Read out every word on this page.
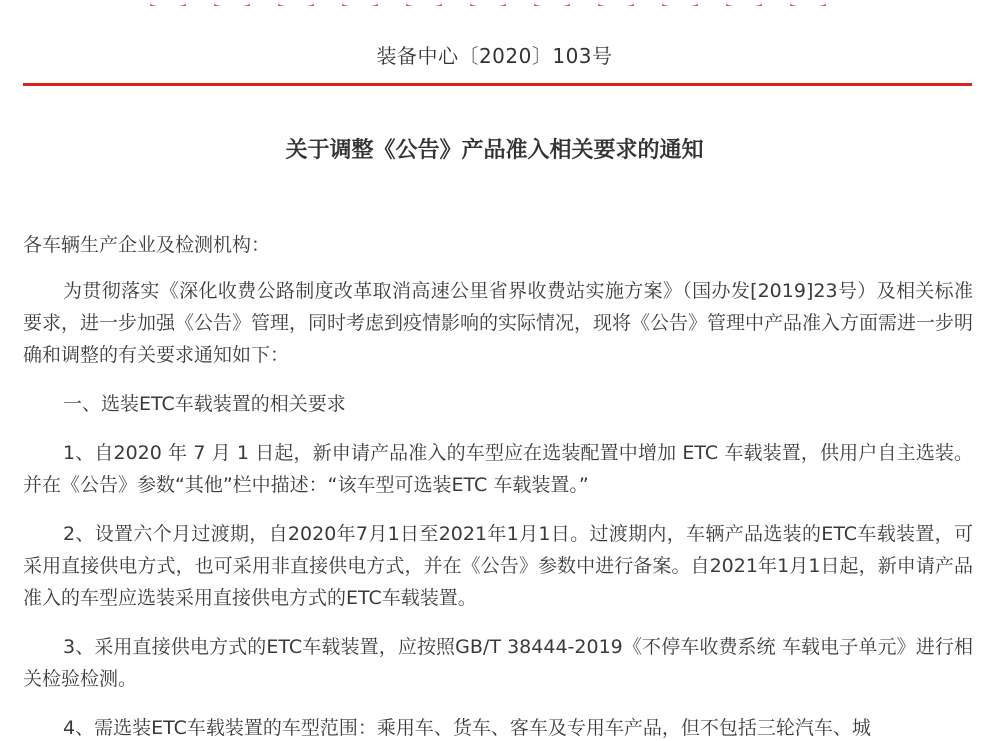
装备中心〔2020〕103号
关于调整《公告》产品准入相关要求的通知

各车辆生产企业及检测机构：

为贯彻落实《深化收费公路制度改革取消高速公里省界收费站实施方案》（国办发[2019]23号）及相关标准要求，进一步加强《公告》管理，同时考虑到疫情影响的实际情况，现将《公告》管理中产品准入方面需进一步明确和调整的有关要求通知如下：

一、选装ETC车载装置的相关要求

1、自2020 年 7 月 1 日起，新申请产品准入的车型应在选装配置中增加 ETC 车载装置，供用户自主选装。并在《公告》参数“其他”栏中描述：“该车型可选装ETC 车载装置。”

2、设置六个月过渡期，自2020年7月1日至2021年1月1日。过渡期内，车辆产品选装的ETC车载装置，可采用直接供电方式，也可采用非直接供电方式，并在《公告》参数中进行备案。自2021年1月1日起，新申请产品准入的车型应选装采用直接供电方式的ETC车载装置。

3、采用直接供电方式的ETC车载装置，应按照GB/T 38444-2019《不停车收费系统 车载电子单元》进行相关检验检测。

4、需选装ETC车载装置的车型范围：乘用车、货车、客车及专用车产品，但不包括三轮汽车、城
